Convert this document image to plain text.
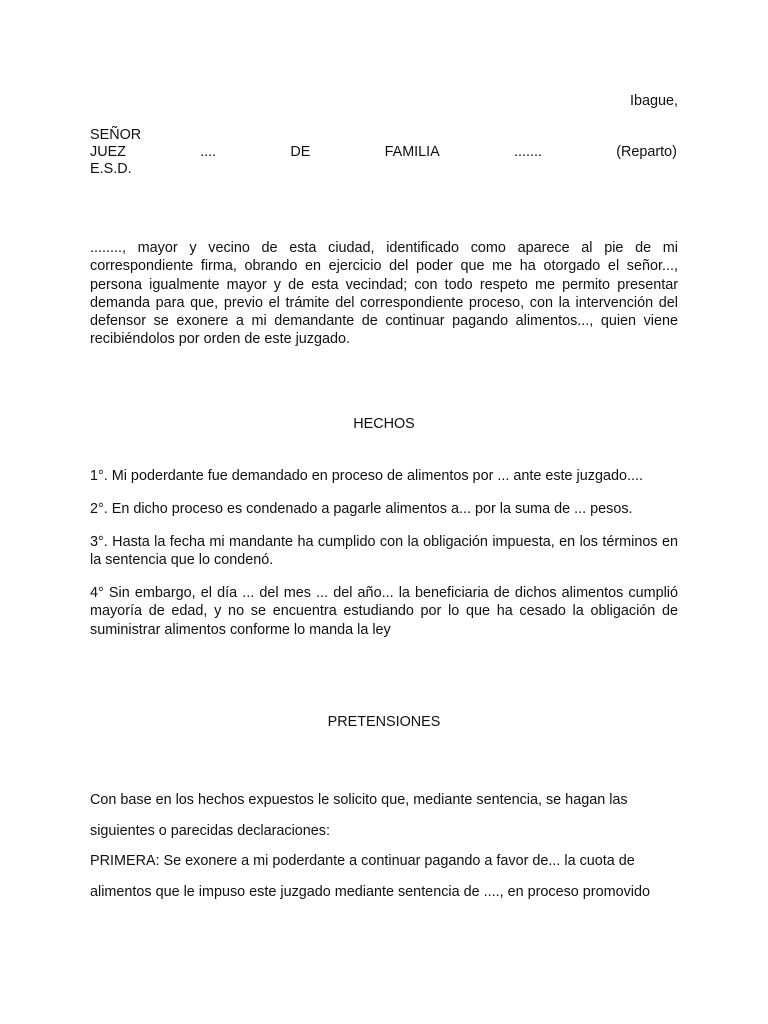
Ibague,
SEÑOR
JUEZ	....	DE	FAMILIA	.......	(Reparto)
E.S.D.

........, mayor y vecino de esta ciudad, identificado como aparece al pie de mi correspondiente firma, obrando en ejercicio del poder que me ha otorgado el señor..., persona igualmente mayor y de esta vecindad; con todo respeto me permito presentar demanda para que, previo el trámite del correspondiente proceso, con la intervención del defensor se exonere a mi demandante de continuar pagando alimentos..., quien viene recibiéndolos por orden de este juzgado.

HECHOS

1°. Mi poderdante fue demandado en proceso de alimentos por ... ante este juzgado....

2°. En dicho proceso es condenado a pagarle alimentos a... por la suma de ... pesos.

3°. Hasta la fecha mi mandante ha cumplido con la obligación impuesta, en los términos en la sentencia que lo condenó.

4° Sin embargo, el día ... del mes ... del año... la beneficiaria de dichos alimentos cumplió mayoría de edad, y no se encuentra estudiando por lo que ha cesado la obligación de suministrar alimentos conforme lo manda la ley

PRETENSIONES
Con base en los hechos expuestos le solicito que, mediante sentencia, se hagan las
siguientes o parecidas declaraciones:
PRIMERA: Se exonere a mi poderdante a continuar pagando a favor de... la cuota de
alimentos que le impuso este juzgado mediante sentencia de ...., en proceso promovido
